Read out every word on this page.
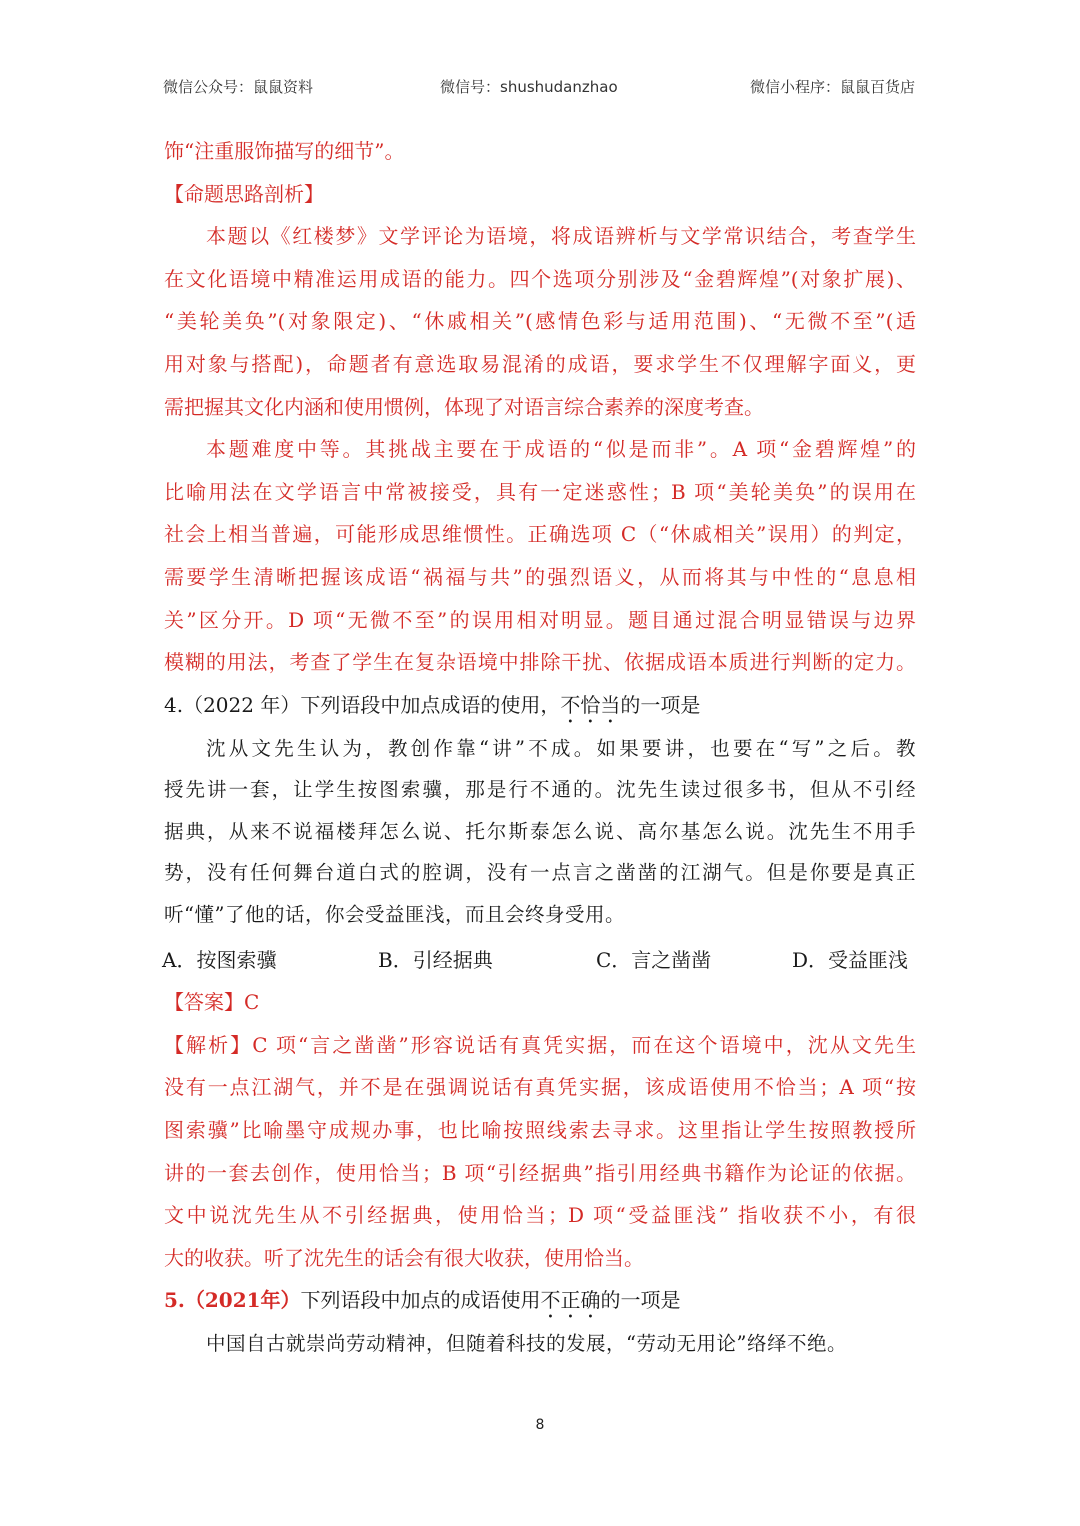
微信公众号：鼠鼠资料	微信号：shushudanzhao	微信小程序：鼠鼠百货店
饰“注重服饰描写的细节”。
【命题思路剖析】
本题以《红楼梦》文学评论为语境，将成语辨析与文学常识结合，考查学生
在文化语境中精准运用成语的能力。四个选项分别涉及“金碧辉煌”(对象扩展)、
“美轮美奂”(对象限定)、“休戚相关”(感情色彩与适用范围)、“无微不至”(适
用对象与搭配)，命题者有意选取易混淆的成语，要求学生不仅理解字面义，更
需把握其文化内涵和使用惯例，体现了对语言综合素养的深度考查。
本题难度中等。其挑战主要在于成语的“似是而非”。A 项“金碧辉煌”的
比喻用法在文学语言中常被接受，具有一定迷惑性；B 项“美轮美奂”的误用在
社会上相当普遍，可能形成思维惯性。正确选项 C（“休戚相关”误用）的判定，
需要学生清晰把握该成语“祸福与共”的强烈语义，从而将其与中性的“息息相
关”区分开。D 项“无微不至”的误用相对明显。题目通过混合明显错误与边界
模糊的用法，考查了学生在复杂语境中排除干扰、依据成语本质进行判断的定力。
4.（2022 年）下列语段中加点成语的使用，不恰当的一项是
沈从文先生认为，教创作靠“讲”不成。如果要讲，也要在“写”之后。教
授先讲一套，让学生按图索骥，那是行不通的。沈先生读过很多书，但从不引经
据典，从来不说福楼拜怎么说、托尔斯泰怎么说、高尔基怎么说。沈先生不用手
势，没有任何舞台道白式的腔调，没有一点言之凿凿的江湖气。但是你要是真正
听“懂”了他的话，你会受益匪浅，而且会终身受用。
A．按图索骥	B．引经据典	C．言之凿凿	D．受益匪浅
【答案】C
【解析】C 项“言之凿凿”形容说话有真凭实据，而在这个语境中，沈从文先生
没有一点江湖气，并不是在强调说话有真凭实据，该成语使用不恰当；A 项“按
图索骥”比喻墨守成规办事，也比喻按照线索去寻求。这里指让学生按照教授所
讲的一套去创作，使用恰当；B 项“引经据典”指引用经典书籍作为论证的依据。
文中说沈先生从不引经据典，使用恰当；D 项“受益匪浅” 指收获不小，有很
大的收获。听了沈先生的话会有很大收获，使用恰当。
5.（2021年）下列语段中加点的成语使用不正确的一项是
中国自古就崇尚劳动精神，但随着科技的发展，“劳动无用论”络绎不绝。
8
